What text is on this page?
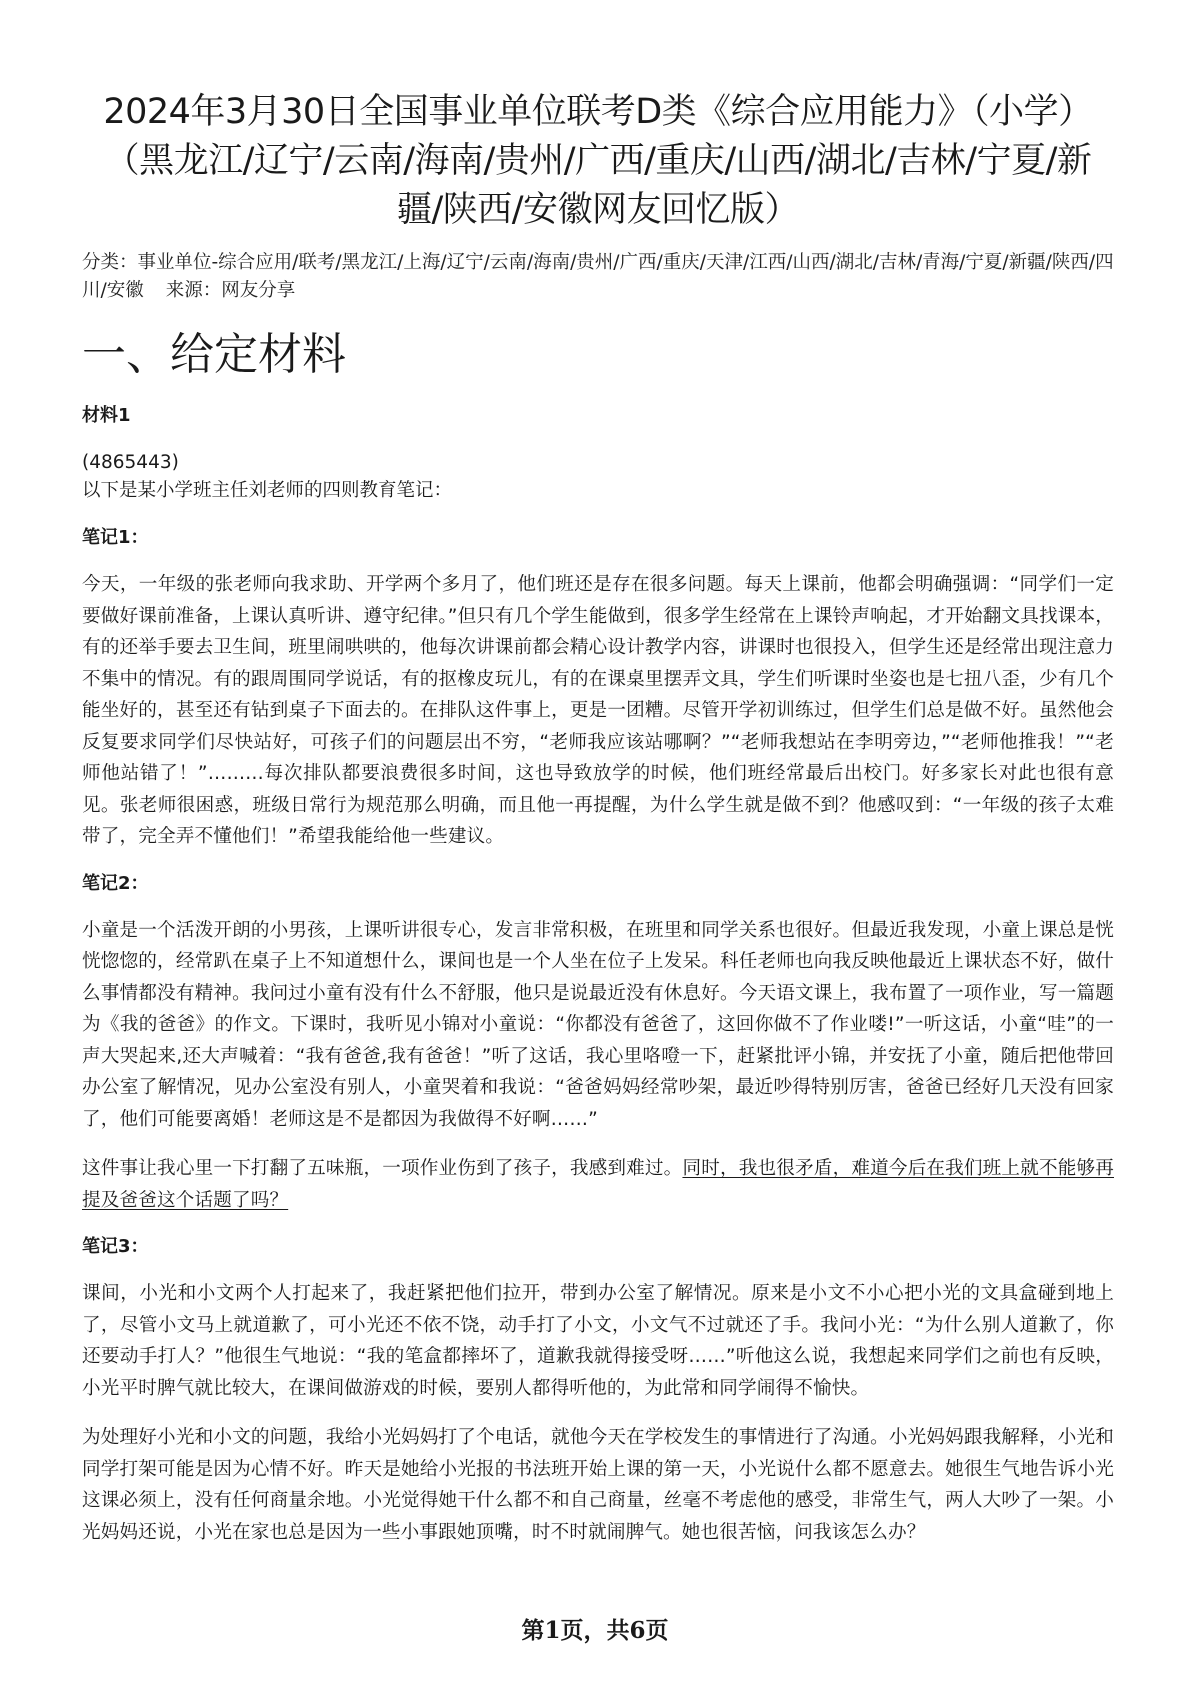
2024年3月30日全国事业单位联考D类《综合应用能力》（小学）（黑龙江/辽宁/云南/海南/贵州/广西/重庆/山西/湖北/吉林/宁夏/新疆/陕西/安徽网友回忆版）

分类：事业单位-综合应用/联考/黑龙江/上海/辽宁/云南/海南/贵州/广西/重庆/天津/江西/山西/湖北/吉林/青海/宁夏/新疆/陕西/四川/安徽 来源：网友分享

一、给定材料
材料1

(4865443)

以下是某小学班主任刘老师的四则教育笔记：

笔记1：

今天，一年级的张老师向我求助、开学两个多月了，他们班还是存在很多问题。每天上课前，他都会明确强调：“同学们一定要做好课前准备，上课认真听讲、遵守纪律。”但只有几个学生能做到，很多学生经常在上课铃声响起，才开始翻文具找课本，有的还举手要去卫生间，班里闹哄哄的，他每次讲课前都会精心设计教学内容，讲课时也很投入，但学生还是经常出现注意力不集中的情况。有的跟周围同学说话，有的抠橡皮玩儿，有的在课桌里摆弄文具，学生们听课时坐姿也是七扭八歪，少有几个能坐好的，甚至还有钻到桌子下面去的。在排队这件事上，更是一团糟。尽管开学初训练过，但学生们总是做不好。虽然他会反复要求同学们尽快站好，可孩子们的问题层出不穷，“老师我应该站哪啊？”“老师我想站在李明旁边，”“老师他推我！”“老师他站错了！”………每次排队都要浪费很多时间，这也导致放学的时候，他们班经常最后出校门。好多家长对此也很有意见。张老师很困惑，班级日常行为规范那么明确，而且他一再提醒，为什么学生就是做不到？他感叹到：“一年级的孩子太难带了，完全弄不懂他们！”希望我能给他一些建议。

笔记2：

小童是一个活泼开朗的小男孩，上课听讲很专心，发言非常积极，在班里和同学关系也很好。但最近我发现，小童上课总是恍恍惚惚的，经常趴在桌子上不知道想什么，课间也是一个人坐在位子上发呆。科任老师也向我反映他最近上课状态不好，做什么事情都没有精神。我问过小童有没有什么不舒服，他只是说最近没有休息好。今天语文课上，我布置了一项作业，写一篇题为《我的爸爸》的作文。下课时，我听见小锦对小童说：“你都没有爸爸了，这回你做不了作业喽!”一听这话，小童“哇”的一声大哭起来,还大声喊着：“我有爸爸,我有爸爸！”听了这话，我心里咯噔一下，赶紧批评小锦，并安抚了小童，随后把他带回办公室了解情况，见办公室没有别人，小童哭着和我说：“爸爸妈妈经常吵架，最近吵得特别厉害，爸爸已经好几天没有回家了，他们可能要离婚！老师这是不是都因为我做得不好啊……”

这件事让我心里一下打翻了五味瓶，一项作业伤到了孩子，我感到难过。同时，我也很矛盾，难道今后在我们班上就不能够再提及爸爸这个话题了吗？

笔记3：

课间，小光和小文两个人打起来了，我赶紧把他们拉开，带到办公室了解情况。原来是小文不小心把小光的文具盒碰到地上了，尽管小文马上就道歉了，可小光还不依不饶，动手打了小文，小文气不过就还了手。我问小光：“为什么别人道歉了，你还要动手打人？”他很生气地说：“我的笔盒都摔坏了，道歉我就得接受呀……”听他这么说，我想起来同学们之前也有反映，小光平时脾气就比较大，在课间做游戏的时候，要别人都得听他的，为此常和同学闹得不愉快。

为处理好小光和小文的问题，我给小光妈妈打了个电话，就他今天在学校发生的事情进行了沟通。小光妈妈跟我解释，小光和同学打架可能是因为心情不好。昨天是她给小光报的书法班开始上课的第一天，小光说什么都不愿意去。她很生气地告诉小光这课必须上，没有任何商量余地。小光觉得她干什么都不和自己商量，丝毫不考虑他的感受，非常生气，两人大吵了一架。小光妈妈还说，小光在家也总是因为一些小事跟她顶嘴，时不时就闹脾气。她也很苦恼，问我该怎么办？

第1页，共6页
